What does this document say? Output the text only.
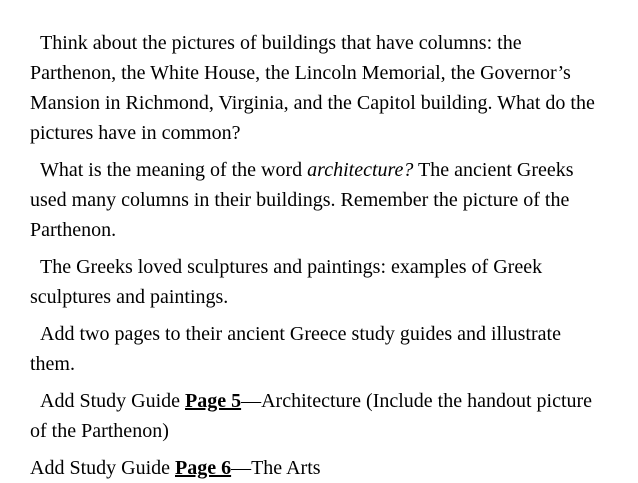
Think about the pictures of buildings that have columns: the Parthenon, the White House, the Lincoln Memorial, the Governor’s Mansion in Richmond, Virginia, and the Capitol building. What do the pictures have in common?

What is the meaning of the word architecture? The ancient Greeks used many columns in their buildings. Remember the picture of the Parthenon.

The Greeks loved sculptures and paintings: examples of Greek sculptures and paintings.

Add two pages to their ancient Greece study guides and illustrate them.

Add Study Guide Page 5—Architecture (Include the handout picture of the Parthenon)

Add Study Guide Page 6—The Arts
